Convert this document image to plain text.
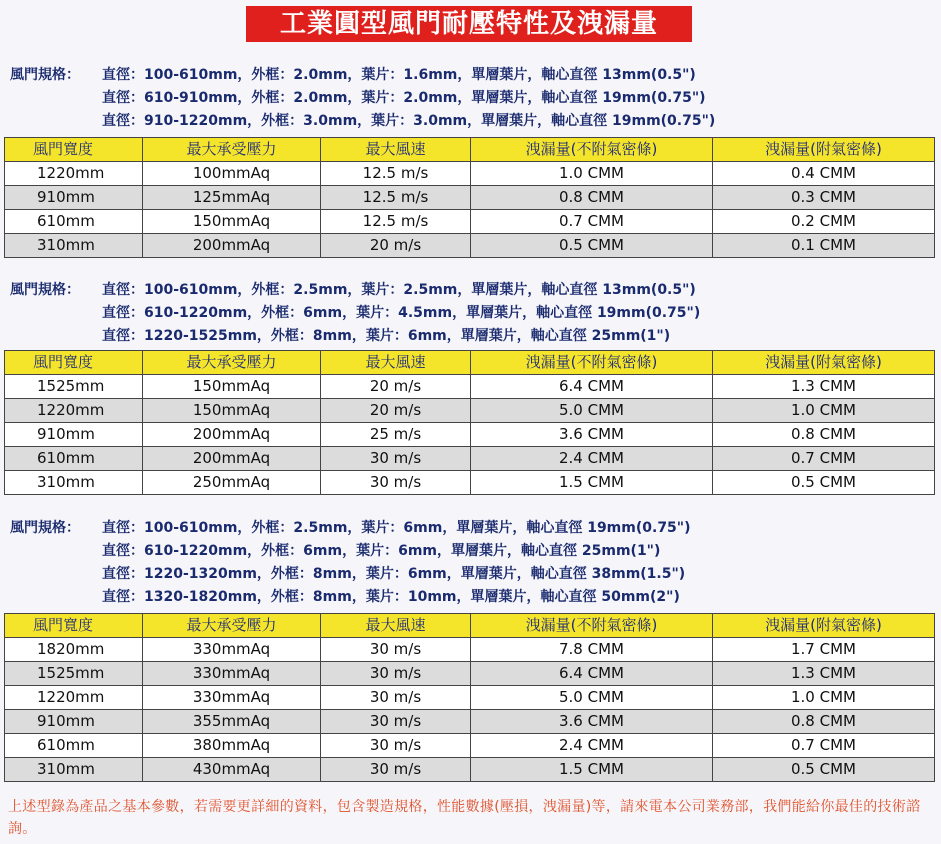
工業圓型風門耐壓特性及洩漏量
風門規格： 直徑：100-610mm，外框：2.0mm，葉片：1.6mm，單層葉片，軸心直徑 13mm(0.5")
直徑：610-910mm，外框：2.0mm，葉片：2.0mm，單層葉片，軸心直徑 19mm(0.75")
直徑：910-1220mm，外框：3.0mm，葉片：3.0mm，單層葉片，軸心直徑 19mm(0.75")
風門寬度	最大承受壓力	最大風速	洩漏量(不附氣密條)	洩漏量(附氣密條)
1220mm	100mmAq	12.5 m/s	1.0 CMM	0.4 CMM
910mm	125mmAq	12.5 m/s	0.8 CMM	0.3 CMM
610mm	150mmAq	12.5 m/s	0.7 CMM	0.2 CMM
310mm	200mmAq	20 m/s	0.5 CMM	0.1 CMM
風門規格： 直徑：100-610mm，外框：2.5mm，葉片：2.5mm，單層葉片，軸心直徑 13mm(0.5")
直徑：610-1220mm，外框：6mm，葉片：4.5mm，單層葉片，軸心直徑 19mm(0.75")
直徑：1220-1525mm，外框：8mm，葉片：6mm，單層葉片，軸心直徑 25mm(1")
風門寬度	最大承受壓力	最大風速	洩漏量(不附氣密條)	洩漏量(附氣密條)
1525mm	150mmAq	20 m/s	6.4 CMM	1.3 CMM
1220mm	150mmAq	20 m/s	5.0 CMM	1.0 CMM
910mm	200mmAq	25 m/s	3.6 CMM	0.8 CMM
610mm	200mmAq	30 m/s	2.4 CMM	0.7 CMM
310mm	250mmAq	30 m/s	1.5 CMM	0.5 CMM
風門規格： 直徑：100-610mm，外框：2.5mm，葉片：6mm，單層葉片，軸心直徑 19mm(0.75")
直徑：610-1220mm，外框：6mm，葉片：6mm，單層葉片，軸心直徑 25mm(1")
直徑：1220-1320mm，外框：8mm，葉片：6mm，單層葉片，軸心直徑 38mm(1.5")
直徑：1320-1820mm，外框：8mm，葉片：10mm，單層葉片，軸心直徑 50mm(2")
風門寬度	最大承受壓力	最大風速	洩漏量(不附氣密條)	洩漏量(附氣密條)
1820mm	330mmAq	30 m/s	7.8 CMM	1.7 CMM
1525mm	330mmAq	30 m/s	6.4 CMM	1.3 CMM
1220mm	330mmAq	30 m/s	5.0 CMM	1.0 CMM
910mm	355mmAq	30 m/s	3.6 CMM	0.8 CMM
610mm	380mmAq	30 m/s	2.4 CMM	0.7 CMM
310mm	430mmAq	30 m/s	1.5 CMM	0.5 CMM
上述型錄為產品之基本參數，若需要更詳細的資料，包含製造規格，性能數據(壓損，洩漏量)等，請來電本公司業務部，我們能給你最佳的技術諮詢。
